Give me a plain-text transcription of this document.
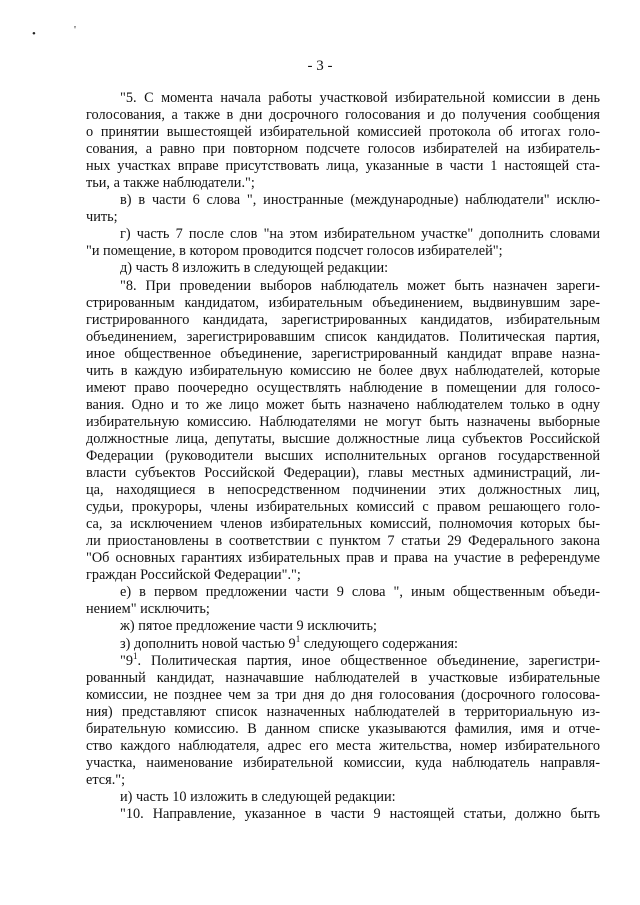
•	'
- 3 -
"5. С момента начала работы участковой избирательной комиссии в день
голосования, а также в дни досрочного голосования и до получения сообщения
о принятии вышестоящей избирательной комиссией протокола об итогах голо-
сования, а равно при повторном подсчете голосов избирателей на избиратель-
ных участках вправе присутствовать лица, указанные в части 1 настоящей ста-
тьи, а также наблюдатели.";
в) в части 6 слова ", иностранные (международные) наблюдатели" исклю-
чить;
г) часть 7 после слов "на этом избирательном участке" дополнить словами
"и помещение, в котором проводится подсчет голосов избирателей";
д) часть 8 изложить в следующей редакции:
"8. При проведении выборов наблюдатель может быть назначен зареги-
стрированным кандидатом, избирательным объединением, выдвинувшим заре-
гистрированного кандидата, зарегистрированных кандидатов, избирательным
объединением, зарегистрировавшим список кандидатов. Политическая партия,
иное общественное объединение, зарегистрированный кандидат вправе назна-
чить в каждую избирательную комиссию не более двух наблюдателей, которые
имеют право поочередно осуществлять наблюдение в помещении для голосо-
вания. Одно и то же лицо может быть назначено наблюдателем только в одну
избирательную комиссию. Наблюдателями не могут быть назначены выборные
должностные лица, депутаты, высшие должностные лица субъектов Российской
Федерации (руководители высших исполнительных органов государственной
власти субъектов Российской Федерации), главы местных администраций, ли-
ца, находящиеся в непосредственном подчинении этих должностных лиц,
судьи, прокуроры, члены избирательных комиссий с правом решающего голо-
са, за исключением членов избирательных комиссий, полномочия которых бы-
ли приостановлены в соответствии с пунктом 7 статьи 29 Федерального закона
"Об основных гарантиях избирательных прав и права на участие в референдуме
граждан Российской Федерации".";
е) в первом предложении части 9 слова ", иным общественным объеди-
нением" исключить;
ж) пятое предложение части 9 исключить;
з) дополнить новой частью $9^1$ следующего содержания:
"$9^1$. Политическая партия, иное общественное объединение, зарегистри-
рованный кандидат, назначавшие наблюдателей в участковые избирательные
комиссии, не позднее чем за три дня до дня голосования (досрочного голосова-
ния) представляют список назначенных наблюдателей в территориальную из-
бирательную комиссию. В данном списке указываются фамилия, имя и отче-
ство каждого наблюдателя, адрес его места жительства, номер избирательного
участка, наименование избирательной комиссии, куда наблюдатель направля-
ется.";
и) часть 10 изложить в следующей редакции:
"10. Направление, указанное в части 9 настоящей статьи, должно быть
